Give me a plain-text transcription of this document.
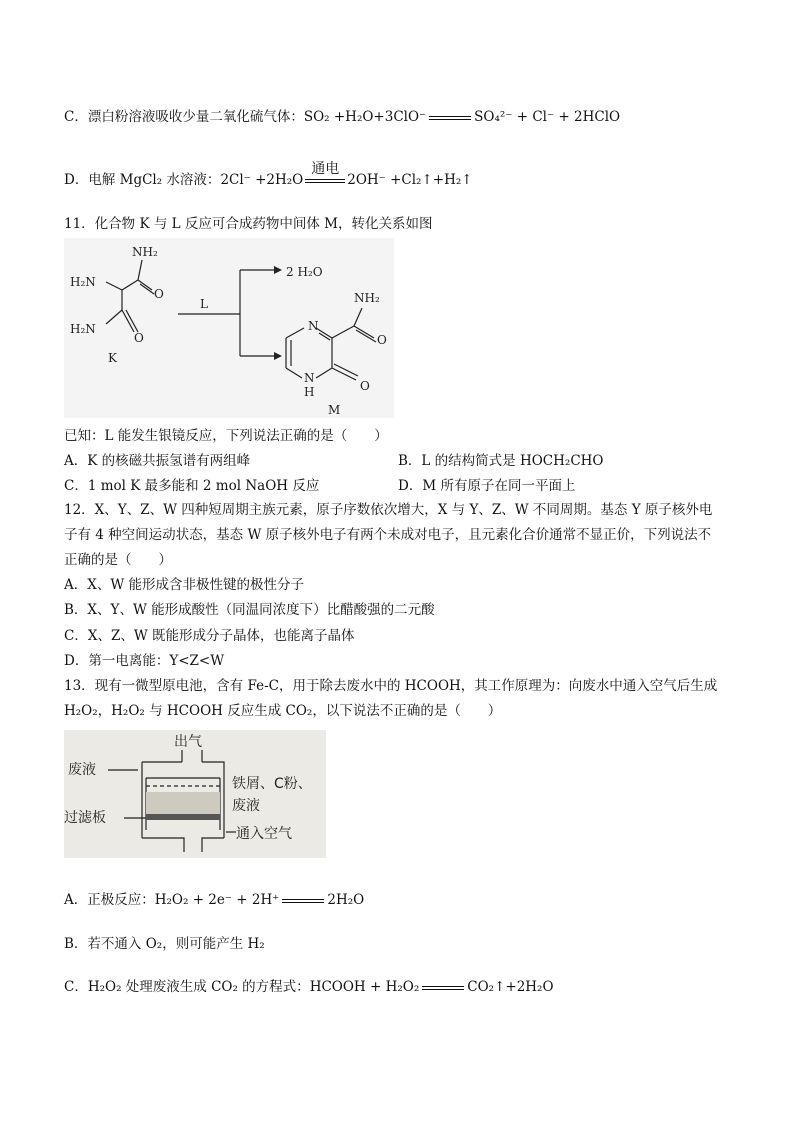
C．漂白粉溶液吸收少量二氧化硫气体：SO₂ +H₂O+3ClO⁻	SO₄²⁻ + Cl⁻ + 2HClO
D．电解 MgCl₂ 水溶液：2Cl⁻ +2H₂O
通电
2OH⁻ +Cl₂↑+H₂↑
11．化合物 K 与 L 反应可合成药物中间体 M，转化关系如图
NH₂
H₂N
O
H₂N
O
K
L
2 H₂O
NH₂
N
O
N
H	O
M
已知：L 能发生银镜反应，下列说法正确的是（　　）
A．K 的核磁共振氢谱有两组峰	B．L 的结构简式是 HOCH₂CHO
C．1 mol K 最多能和 2 mol NaOH 反应	D．M 所有原子在同一平面上
12．X、Y、Z、W 四种短周期主族元素，原子序数依次增大，X 与 Y、Z、W 不同周期。基态 Y 原子核外电
子有 4 种空间运动状态，基态 W 原子核外电子有两个未成对电子，且元素化合价通常不显正价，下列说法不
正确的是（　　）
A．X、W 能形成含非极性键的极性分子
B．X、Y、W 能形成酸性（同温同浓度下）比醋酸强的二元酸
C．X、Z、W 既能形成分子晶体，也能离子晶体
D．第一电离能：Y<Z<W
13．现有一微型原电池，含有 Fe-C，用于除去废水中的 HCOOH，其工作原理为：向废水中通入空气后生成
H₂O₂，H₂O₂ 与 HCOOH 反应生成 CO₂，以下说法不正确的是（　　）
出气
废液
铁屑、C粉、
废液
过滤板
通入空气
A．正极反应：H₂O₂ + 2e⁻ + 2H⁺	2H₂O
B．若不通入 O₂，则可能产生 H₂
C．H₂O₂ 处理废液生成 CO₂ 的方程式：HCOOH + H₂O₂	CO₂↑+2H₂O
